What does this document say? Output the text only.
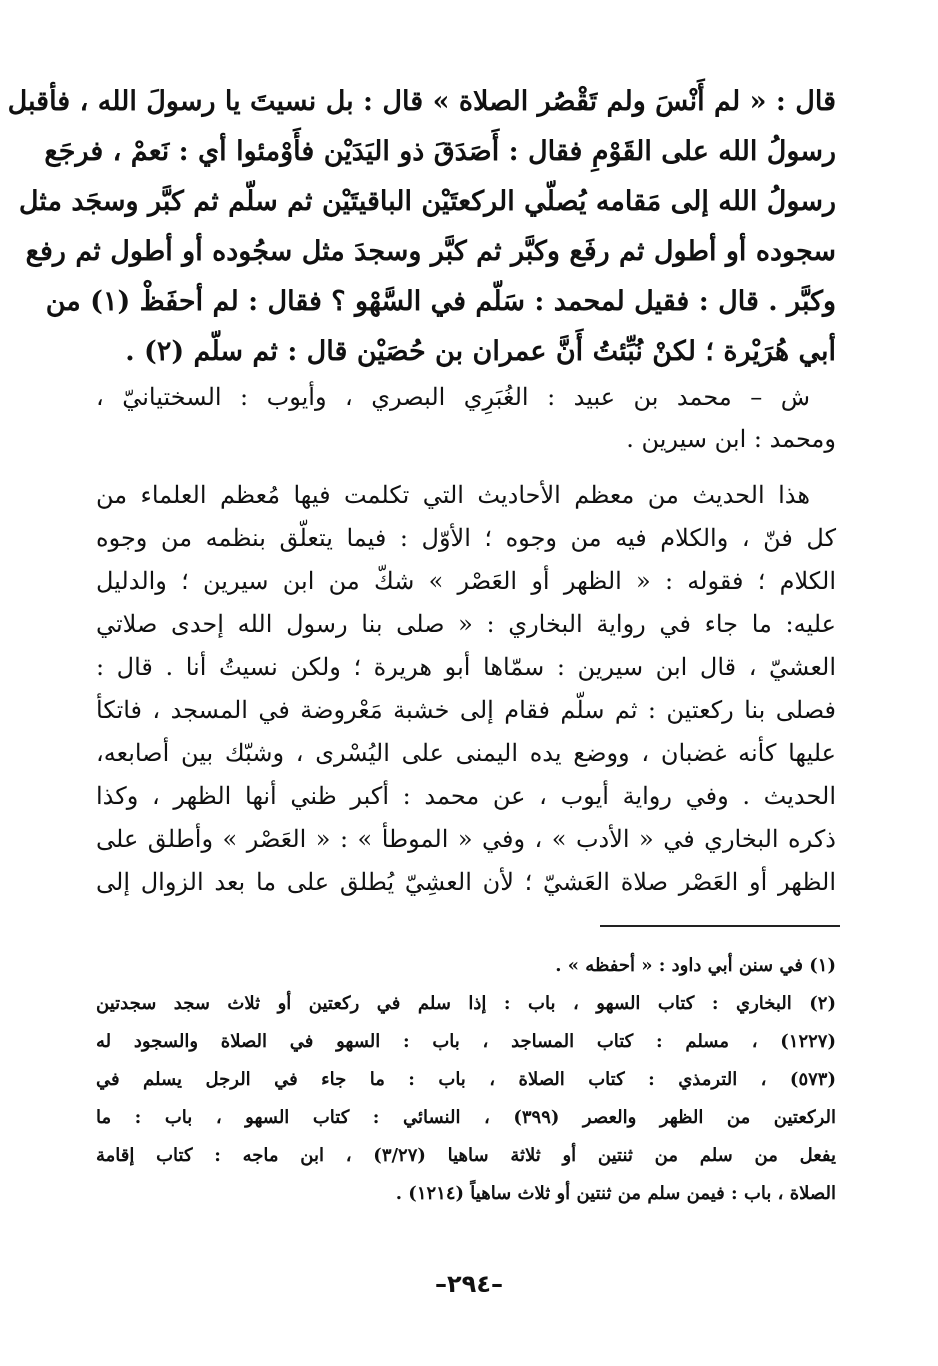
قال : « لم أَنْسَ ولم تَقْصُر الصلاة » قال : بل نسيتَ يا رسولَ الله ، فأقبل
رسولُ الله على القَوْمِ فقال : أَصَدَقَ ذو اليَدَيْن فأَوْمئوا أي : نَعمْ ، فرجَع
رسولُ الله إلى مَقامه يُصلّي الركعتَيْن الباقيتَيْن ثم سلّم ثم كبَّر وسجَد مثل
سجوده أو أطول ثم رفَع وكبَّر ثم كبَّر وسجدَ مثل سجُوده أو أطول ثم رفع
وكبَّر . قال : فقيل لمحمد : سَلّم في السَّهْو ؟ فقال : لم أحفَظْ (١) من
أبي هُرَيْرة ؛ لكنْ نُبِّئتُ أَنَّ عمران بن حُصَيْن قال : ثم سلّم (٢) .
ش – محمد بن عبيد : الغُبَرِي البصري ، وأيوب : السختيانيّ ،
ومحمد : ابن سيرين .
هذا الحديث من معظم الأحاديث التي تكلمت فيها مُعظم العلماء من
كل فنّ ، والكلام فيه من وجوه ؛ الأوّل : فيما يتعلّق بنظمه من وجوه
الكلام ؛ فقوله : « الظهر أو العَصْر » شكّ من ابن سيرين ؛ والدليل
عليه: ما جاء في رواية البخاري : « صلى بنا رسول الله إحدى صلاتي
العشيّ ، قال ابن سيرين : سمّاها أبو هريرة ؛ ولكن نسيتُ أنا . قال :
فصلى بنا ركعتين : ثم سلّم فقام إلى خشبة مَعْروضة في المسجد ، فاتكأ
عليها كأنه غضبان ، ووضع يده اليمنى على اليُسْرى ، وشبّك بين أصابعه،
الحديث . وفي رواية أيوب ، عن محمد : أكبر ظني أنها الظهر ، وكذا
ذكره البخاري في « الأدب » ، وفي « الموطأ » : « العَصْر » وأطلق على
الظهر أو العَصْر صلاة العَشيّ ؛ لأن العشِيّ يُطلق على ما بعد الزوال إلى
(١) في سنن أبي داود : « أحفظه » .
(٢) البخاري : كتاب السهو ، باب : إذا سلم في ركعتين أو ثلاث سجد سجدتين
(١٢٢٧) ، مسلم : كتاب المساجد ، باب : السهو في الصلاة والسجود له
(٥٧٣) ، الترمذي : كتاب الصلاة ، باب : ما جاء في الرجل يسلم في
الركعتين من الظهر والعصر (٣٩٩) ، النسائي : كتاب السهو ، باب : ما
يفعل من سلم من ثنتين أو ثلاثة ساهيا (٣/٢٧) ، ابن ماجه : كتاب إقامة
الصلاة ، باب : فيمن سلم من ثنتين أو ثلاث ساهياً (١٢١٤) .
–٢٩٤–
